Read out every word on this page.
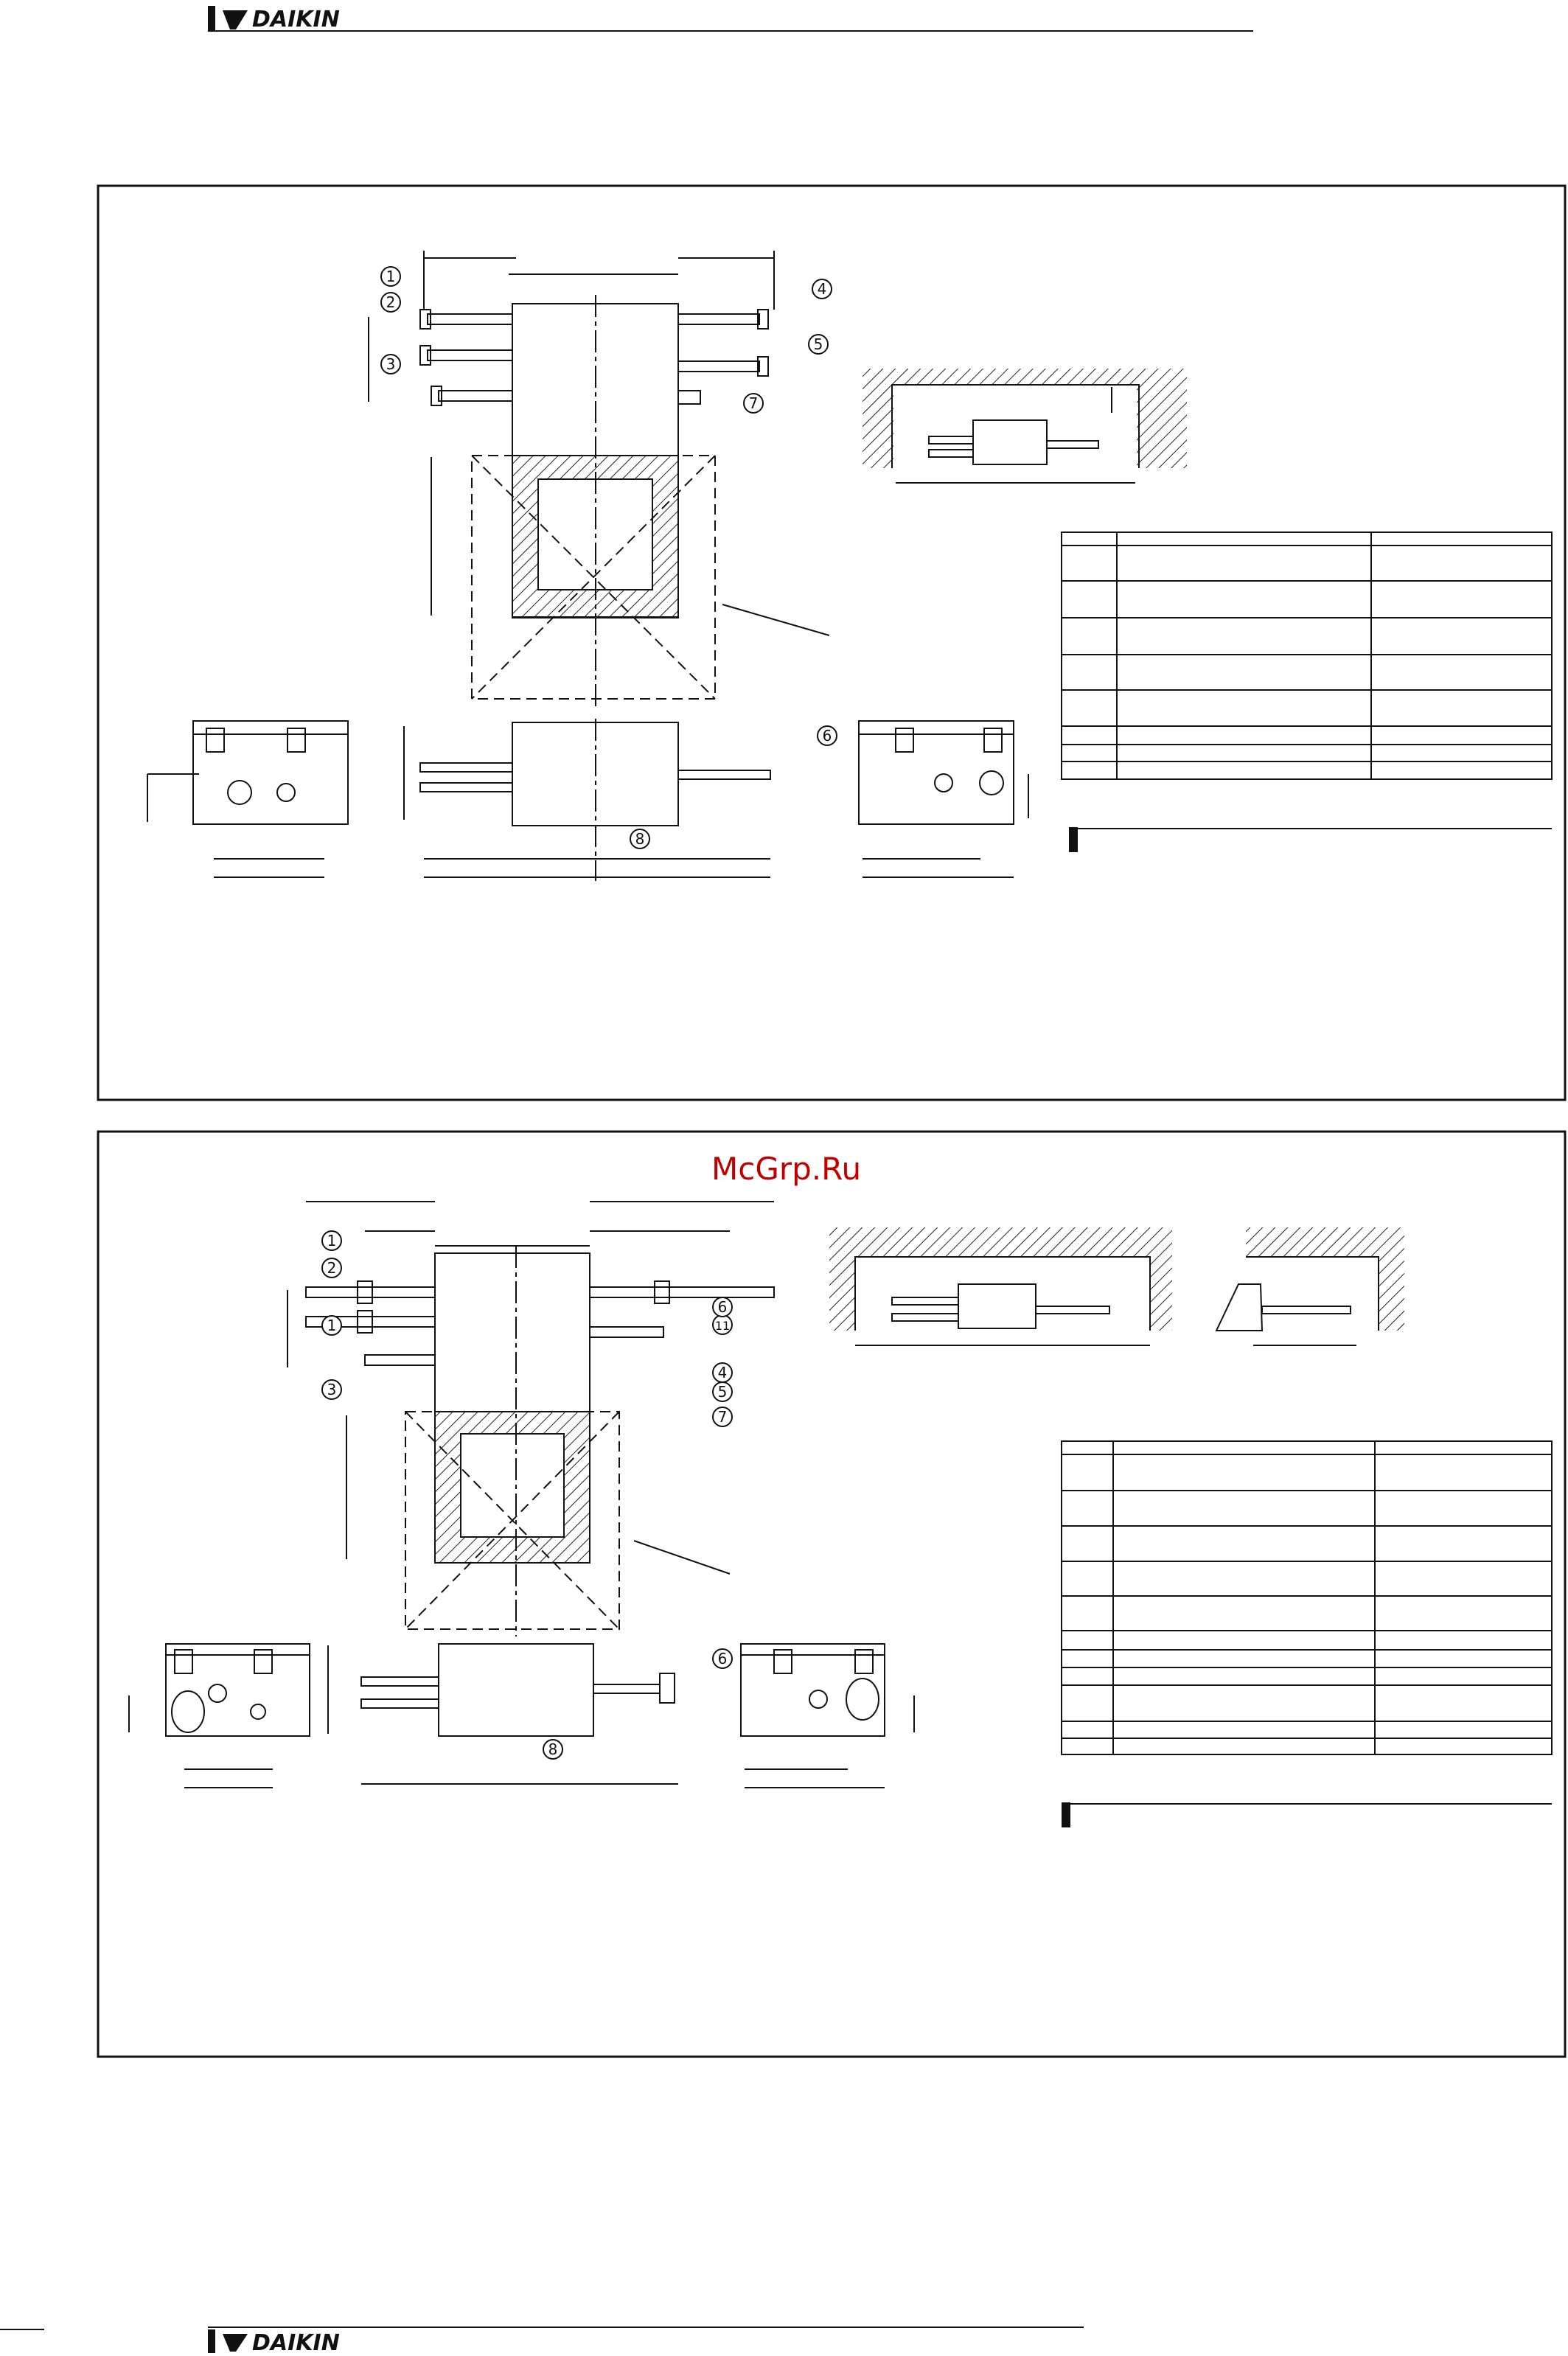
DAIKIN
1
2
3
4
5
7
6
8
McGrp.Ru
1
2
1
3
11
6
4
5
7
6
8
DAIKIN
